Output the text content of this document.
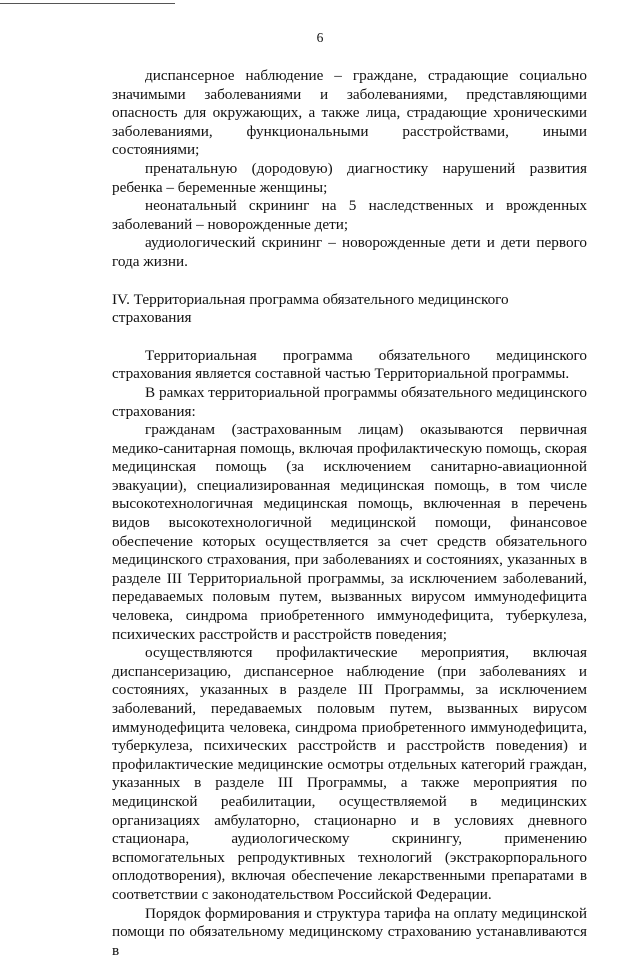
6

диспансерное наблюдение – граждане, страдающие социально значимыми заболеваниями и заболеваниями, представляющими опасность для окружающих, а также лица, страдающие хроническими заболеваниями, функциональными расстройствами, иными состояниями;

пренатальную (дородовую) диагностику нарушений развития ребенка – беременные женщины;

неонатальный скрининг на 5 наследственных и врожденных заболеваний – новорожденные дети;

аудиологический скрининг – новорожденные дети и дети первого года жизни.

IV. Территориальная программа обязательного медицинского страхования

Территориальная программа обязательного медицинского страхования является составной частью Территориальной программы.

В рамках территориальной программы обязательного медицинского страхования:

гражданам (застрахованным лицам) оказываются первичная медико-санитарная помощь, включая профилактическую помощь, скорая медицинская помощь (за исключением санитарно-авиационной эвакуации), специализированная медицинская помощь, в том числе высокотехнологичная медицинская помощь, включенная в перечень видов высокотехнологичной медицинской помощи, финансовое обеспечение которых осуществляется за счет средств обязательного медицинского страхования, при заболеваниях и состояниях, указанных в разделе III Территориальной программы, за исключением заболеваний, передаваемых половым путем, вызванных вирусом иммунодефицита человека, синдрома приобретенного иммунодефицита, туберкулеза, психических расстройств и расстройств поведения;

осуществляются профилактические мероприятия, включая диспансеризацию, диспансерное наблюдение (при заболеваниях и состояниях, указанных в разделе III Программы, за исключением заболеваний, передаваемых половым путем, вызванных вирусом иммунодефицита человека, синдрома приобретенного иммунодефицита, туберкулеза, психических расстройств и расстройств поведения) и профилактические медицинские осмотры отдельных категорий граждан, указанных в разделе III Программы, а также мероприятия по медицинской реабилитации, осуществляемой в медицинских организациях амбулаторно, стационарно и в условиях дневного стационара, аудиологическому скринингу, применению вспомогательных репродуктивных технологий (экстракорпорального оплодотворения), включая обеспечение лекарственными препаратами в соответствии с законодательством Российской Федерации.

Порядок формирования и структура тарифа на оплату медицинской помощи по обязательному медицинскому страхованию устанавливаются в
